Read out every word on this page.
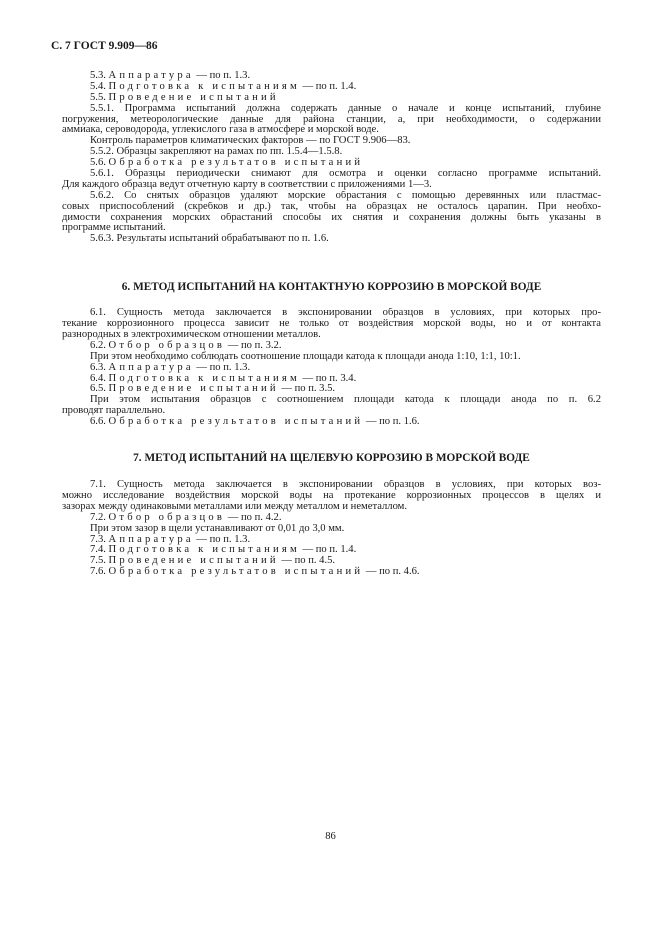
С. 7 ГОСТ 9.909—86
5.3. Аппаратура — по п. 1.3.
5.4. Подготовка к испытаниям — по п. 1.4.
5.5. Проведение испытаний
5.5.1. Программа испытаний должна содержать данные о начале и конце испытаний, глубине
погружения, метеорологические данные для района станции, а, при необходимости, о содержании
аммиака, сероводорода, углекислого газа в атмосфере и морской воде.
Контроль параметров климатических факторов — по ГОСТ 9.906—83.
5.5.2. Образцы закрепляют на рамах по пп. 1.5.4—1.5.8.
5.6. Обработка результатов испытаний
5.6.1. Образцы периодически снимают для осмотра и оценки согласно программе испытаний.
Для каждого образца ведут отчетную карту в соответствии с приложениями 1—3.
5.6.2. Со снятых образцов удаляют морские обрастания с помощью деревянных или пластмас-
совых приспособлений (скребков и др.) так, чтобы на образцах не осталось царапин. При необхо-
димости сохранения морских обрастаний способы их снятия и сохранения должны быть указаны в
программе испытаний.
5.6.3. Результаты испытаний обрабатывают по п. 1.6.
6. МЕТОД ИСПЫТАНИЙ НА КОНТАКТНУЮ КОРРОЗИЮ В МОРСКОЙ ВОДЕ
6.1. Сущность метода заключается в экспонировании образцов в условиях, при которых про-
текание коррозионного процесса зависит не только от воздействия морской воды, но и от контакта
разнородных в электрохимическом отношении металлов.
6.2. Отбор образцов — по п. 3.2.
При этом необходимо соблюдать соотношение площади катода к площади анода 1:10, 1:1, 10:1.
6.3. Аппаратура — по п. 1.3.
6.4. Подготовка к испытаниям — по п. 3.4.
6.5. Проведение испытаний — по п. 3.5.
При этом испытания образцов с соотношением площади катода к площади анода по п. 6.2
проводят параллельно.
6.6. Обработка результатов испытаний — по п. 1.6.
7. МЕТОД ИСПЫТАНИЙ НА ЩЕЛЕВУЮ КОРРОЗИЮ В МОРСКОЙ ВОДЕ
7.1. Сущность метода заключается в экспонировании образцов в условиях, при которых воз-
можно исследование воздействия морской воды на протекание коррозионных процессов в щелях и
зазорах между одинаковыми металлами или между металлом и неметаллом.
7.2. Отбор образцов — по п. 4.2.
При этом зазор в щели устанавливают от 0,01 до 3,0 мм.
7.3. Аппаратура — по п. 1.3.
7.4. Подготовка к испытаниям — по п. 1.4.
7.5. Проведение испытаний — по п. 4.5.
7.6. Обработка результатов испытаний — по п. 4.6.
86
